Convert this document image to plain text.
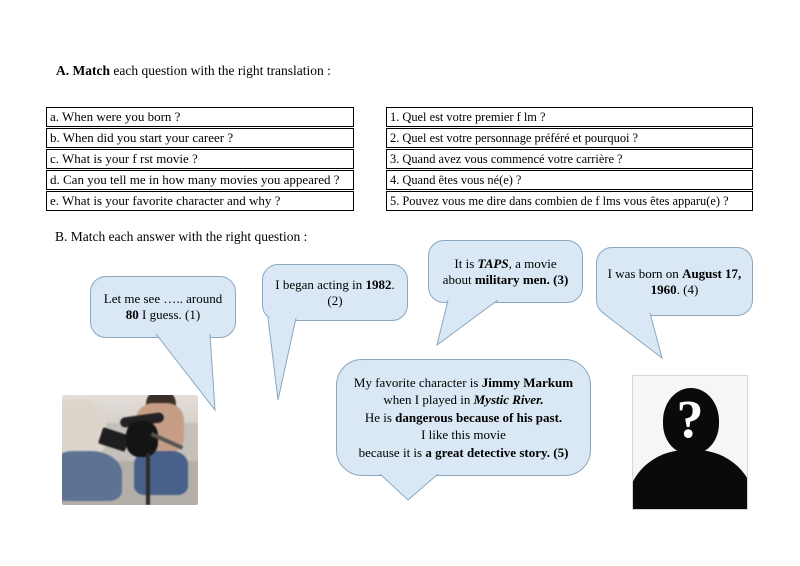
A. Match each question with the right translation :
a. When were you born ?
b. When did you start your career ?
c. What is your f rst movie ?
d. Can you tell me in how many movies you appeared ?
e. What is your favorite character and why ?
1. Quel est votre premier f lm ?
2. Quel est votre personnage préféré et pourquoi ?
3. Quand avez vous commencé votre carrière ?
4. Quand êtes vous né(e) ?
5. Pouvez vous me dire dans combien de f lms vous êtes apparu(e) ?
B. Match each answer with the right question :
Let me see ….. around 80 I guess. (1)
I began acting in 1982. (2)
It is TAPS, a movie
about military men. (3)	I was born on August 17, 1960. (4)
My favorite character is Jimmy Markum
when I played in Mystic River.
He is dangerous because of his past.
I like this movie
because it is a great detective story. (5)
?
